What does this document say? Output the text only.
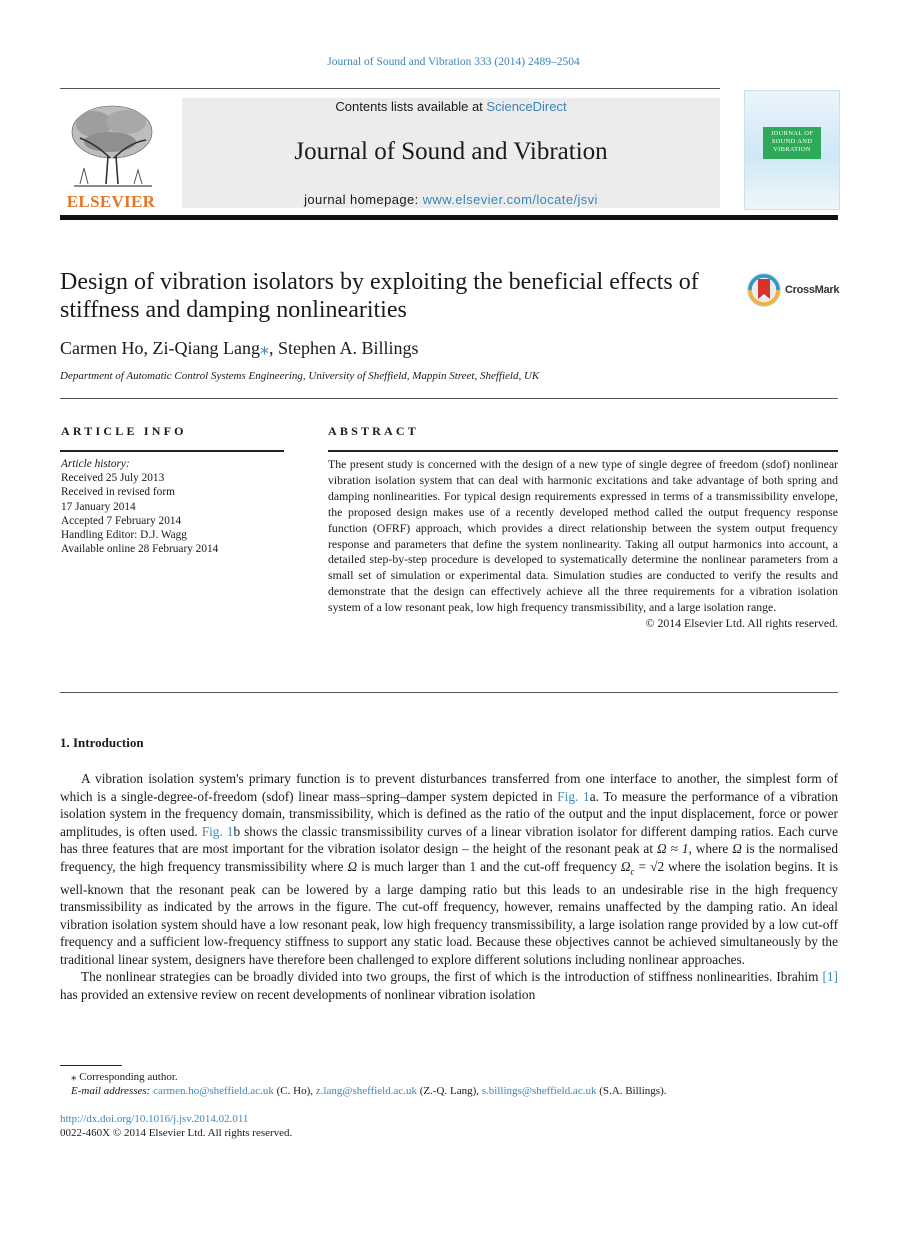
Journal of Sound and Vibration 333 (2014) 2489–2504
ELSEVIER
Contents lists available at ScienceDirect
Journal of Sound and Vibration
journal homepage: www.elsevier.com/locate/jsvi
JOURNAL OF SOUND AND VIBRATION
Design of vibration isolators by exploiting the beneficial effects of stiffness and damping nonlinearities
CrossMark
Carmen Ho, Zi-Qiang Lang⁎, Stephen A. Billings
Department of Automatic Control Systems Engineering, University of Sheffield, Mappin Street, Sheffield, UK
ARTICLE INFO
Article history:
Received 25 July 2013
Received in revised form
17 January 2014
Accepted 7 February 2014
Handling Editor: D.J. Wagg
Available online 28 February 2014
ABSTRACT
The present study is concerned with the design of a new type of single degree of freedom (sdof) nonlinear vibration isolation system that can deal with harmonic excitations and take advantage of both spring and damping nonlinearities. For typical design requirements expressed in terms of a transmissibility envelope, the proposed design makes use of a recently developed method called the output frequency response function (OFRF) approach, which provides a direct relationship between the system output frequency response and parameters that define the system nonlinearity. Taking all output harmonics into account, a detailed step-by-step procedure is developed to systematically determine the nonlinear parameters from a small set of simulation or experimental data. Simulation studies are conducted to verify the results and demonstrate that the design can effectively achieve all the three requirements for a vibration isolation system of a low resonant peak, low high frequency transmissibility, and a large isolation range.
© 2014 Elsevier Ltd. All rights reserved.
1. Introduction

A vibration isolation system's primary function is to prevent disturbances transferred from one interface to another, the simplest form of which is a single-degree-of-freedom (sdof) linear mass–spring–damper system depicted in Fig. 1a. To measure the performance of a vibration isolation system in the frequency domain, transmissibility, which is defined as the ratio of the output and the input displacement, force or power amplitudes, is often used. Fig. 1b shows the classic transmissibility curves of a linear vibration isolator for different damping ratios. Each curve has three features that are most important for the vibration isolator design – the height of the resonant peak at Ω ≈ 1, where Ω is the normalised frequency, the high frequency transmissibility where Ω is much larger than 1 and the cut-off frequency $\Omega_c = √2$ where the isolation begins. It is well-known that the resonant peak can be lowered by a large damping ratio but this leads to an undesirable rise in the high frequency transmissibility as indicated by the arrows in the figure. The cut-off frequency, however, remains unaffected by the damping ratio. An ideal vibration isolation system should have a low resonant peak, low high frequency transmissibility, a large isolation range provided by a low cut-off frequency and a sufficient low-frequency stiffness to support any static load. Because these objectives cannot be achieved simultaneously by the traditional linear system, designers have therefore been challenged to explore different solutions including nonlinear approaches.

The nonlinear strategies can be broadly divided into two groups, the first of which is the introduction of stiffness nonlinearities. Ibrahim [1] has provided an extensive review on recent developments of nonlinear vibration isolation

⁎ Corresponding author.
E-mail addresses: carmen.ho@sheffield.ac.uk (C. Ho), z.lang@sheffield.ac.uk (Z.-Q. Lang), s.billings@sheffield.ac.uk (S.A. Billings).
http://dx.doi.org/10.1016/j.jsv.2014.02.011
0022-460X © 2014 Elsevier Ltd. All rights reserved.
